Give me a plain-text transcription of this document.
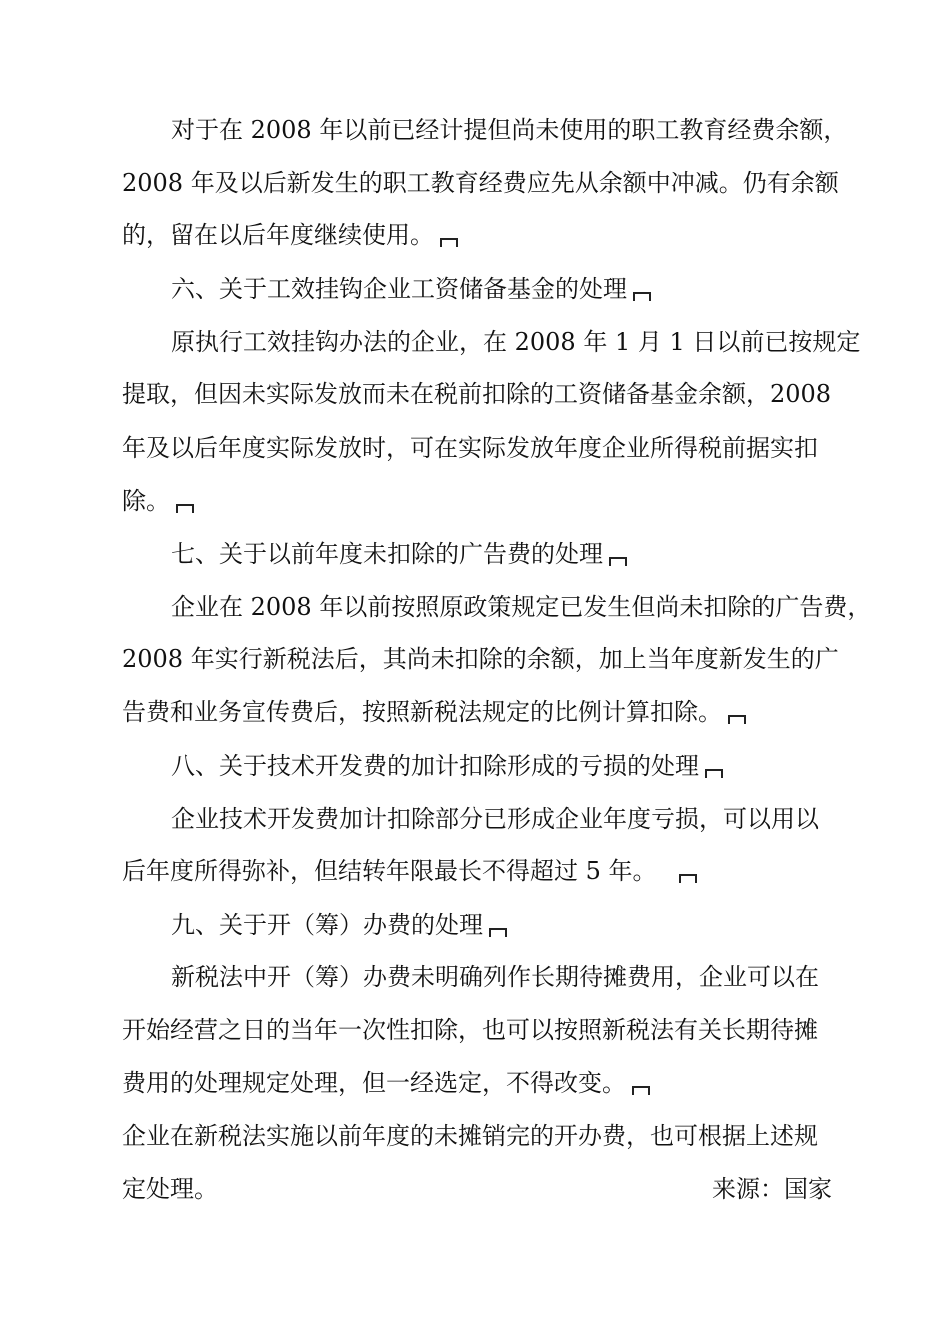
对于在 2008 年以前已经计提但尚未使用的职工教育经费余额，
2008 年及以后新发生的职工教育经费应先从余额中冲减。仍有余额
的，留在以后年度继续使用。
六、关于工效挂钩企业工资储备基金的处理
原执行工效挂钩办法的企业，在 2008 年 1 月 1 日以前已按规定
提取，但因未实际发放而未在税前扣除的工资储备基金余额，2008
年及以后年度实际发放时，可在实际发放年度企业所得税前据实扣
除。
七、关于以前年度未扣除的广告费的处理
企业在 2008 年以前按照原政策规定已发生但尚未扣除的广告费，
2008 年实行新税法后，其尚未扣除的余额，加上当年度新发生的广
告费和业务宣传费后，按照新税法规定的比例计算扣除。
八、关于技术开发费的加计扣除形成的亏损的处理
企业技术开发费加计扣除部分已形成企业年度亏损，可以用以
后年度所得弥补，但结转年限最长不得超过 5 年。
九、关于开（筹）办费的处理
新税法中开（筹）办费未明确列作长期待摊费用，企业可以在
开始经营之日的当年一次性扣除，也可以按照新税法有关长期待摊
费用的处理规定处理，但一经选定，不得改变。
企业在新税法实施以前年度的未摊销完的开办费，也可根据上述规
定处理。	来源：国家
